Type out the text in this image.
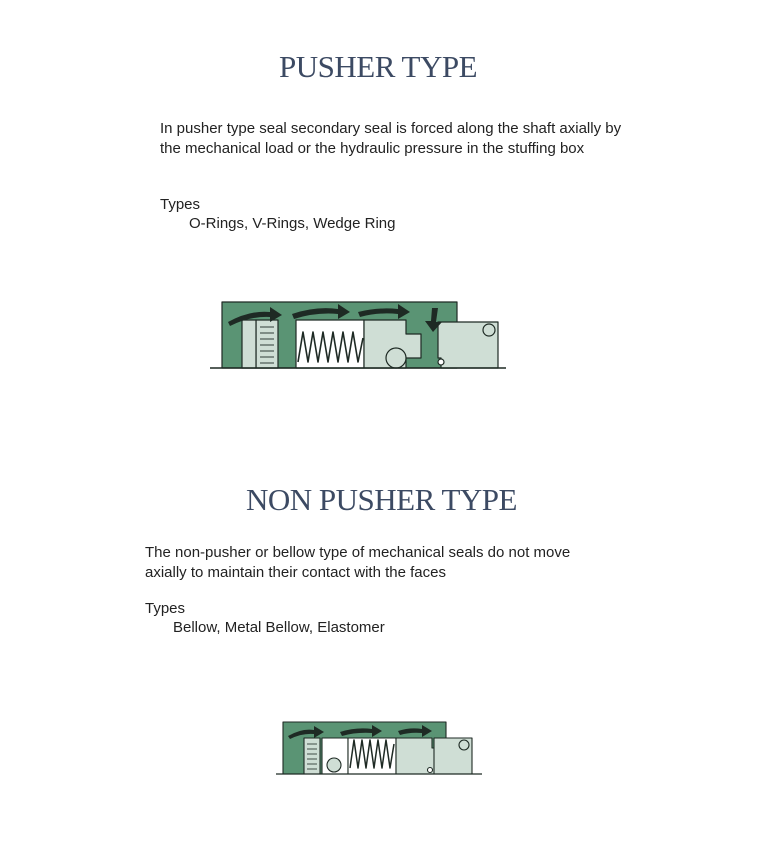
PUSHER TYPE

In pusher type seal secondary seal is forced along the shaft axially by the mechanical load or the hydraulic pressure in the stuffing box

Types

O-Rings, V-Rings, Wedge Ring

NON PUSHER TYPE

The non-pusher or bellow type of mechanical seals do not move axially to maintain their contact with the faces

Types

Bellow, Metal Bellow, Elastomer
